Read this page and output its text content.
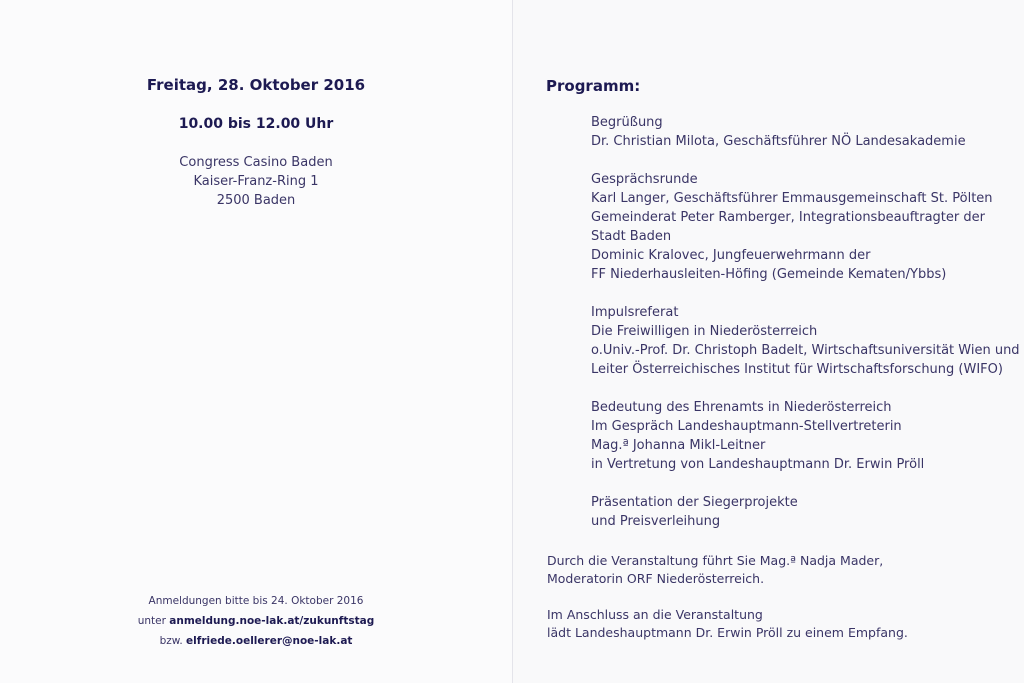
Freitag, 28. Oktober 2016
10.00 bis 12.00 Uhr
Congress Casino Baden
Kaiser-Franz-Ring 1
2500 Baden
Anmeldungen bitte bis 24. Oktober 2016
unter anmeldung.noe-lak.at/zukunftstag
bzw. elfriede.oellerer@noe-lak.at
Programm:
Begrüßung
Dr. Christian Milota, Geschäftsführer NÖ Landesakademie
Gesprächsrunde
Karl Langer, Geschäftsführer Emmausgemeinschaft St. Pölten
Gemeinderat Peter Ramberger, Integrationsbeauftragter der
Stadt Baden
Dominic Kralovec, Jungfeuerwehrmann der
FF Niederhausleiten-Höfing (Gemeinde Kematen/Ybbs)
Impulsreferat
Die Freiwilligen in Niederösterreich
o.Univ.-Prof. Dr. Christoph Badelt, Wirtschaftsuniversität Wien und
Leiter Österreichisches Institut für Wirtschaftsforschung (WIFO)
Bedeutung des Ehrenamts in Niederösterreich
Im Gespräch Landeshauptmann-Stellvertreterin
Mag.ª Johanna Mikl-Leitner
in Vertretung von Landeshauptmann Dr. Erwin Pröll
Präsentation der Siegerprojekte
und Preisverleihung
Durch die Veranstaltung führt Sie Mag.ª Nadja Mader,
Moderatorin ORF Niederösterreich.
Im Anschluss an die Veranstaltung
lädt Landeshauptmann Dr. Erwin Pröll zu einem Empfang.
